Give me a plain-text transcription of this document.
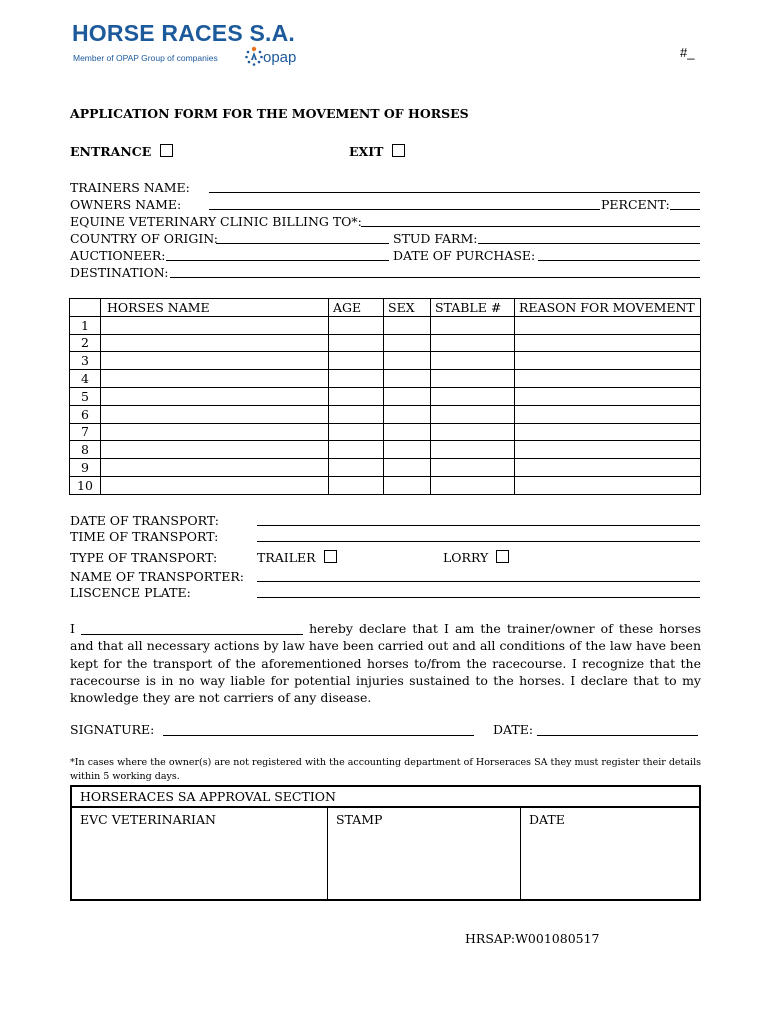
HORSE RACES S.A.
Member of OPAP Group of companies	opap	#_
APPLICATION FORM FOR THE MOVEMENT OF HORSES
ENTRANCE	EXIT
TRAINERS NAME:
OWNERS NAME:	PERCENT:
EQUINE VETERINARY CLINIC BILLING TO*:
COUNTRY OF ORIGIN:	STUD FARM:
AUCTIONEER:	DATE OF PURCHASE:
DESTINATION:
	HORSES NAME	AGE	SEX	STABLE #	REASON FOR MOVEMENT
1					
2					
3					
4					
5					
6					
7					
8					
9					
10					
DATE OF TRANSPORT:
TIME OF TRANSPORT:
TYPE OF TRANSPORT:	TRAILER	LORRY
NAME OF TRANSPORTER:
LISCENCE PLATE:
I	hereby declare that I am the trainer/owner of these horses and that all necessary actions by law have been carried out and all conditions of the law have been kept for the transport of the aforementioned horses to/from the racecourse. I recognize that the racecourse is in no way liable for potential injuries sustained to the horses. I declare that to my knowledge they are not carriers of any disease.
SIGNATURE:	DATE:
*In cases where the owner(s) are not registered with the accounting department of Horseraces SA they must register their details within 5 working days.
HORSERACES SA APPROVAL SECTION
EVC VETERINARIAN	STAMP	DATE
HRSAP:W001080517
